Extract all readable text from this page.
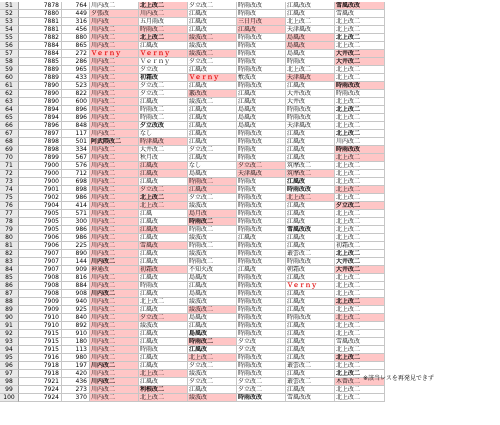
51	7878	764 川内改二	北上改二	夕立改二	時雨改改	江風改改	雪風改改
52	7880	449 夕張改	川内改二	江風改	時雨改	江風改	雪風改
53	7881	316 川内改	五月雨改	江風改	三日月改	北上改二	北上改二
54	7881	456 川内改二	時雨改二	江風改	江風改	天津風改	北上改二
55	7882	880 川内改二	北上改二	綾波改二	時雨改改	島風改	北上改二
56	7884	865 川内改二	江風改	綾波改	時雨改	島風改	北上改二
57	7884	272 Ｖｅｒｎｙ	Ｖｅｒｎｙ	綾波改二	時雨改	島風改	大井改二
58	7885	286 川内改二	Ｖｅｒｎｙ	夕立改二	時雨改	時雨改	大井改二
59	7889	965 川内改二	夕立改	江風改	時雨改改	北上改二	北上改二
60	7889	433 川内改二	初霜改	Ｖｅｒｎｙ	敷波改	天津風改	北上改二
61	7890	523 川内改二	夕立改二	江風改	時雨改改	江風改	時雨改改
62	7890	822 川内改二	夕立改二	霰改改	江風改	大井改改	時雨改改
63	7890	600 川内改二	江風改	綾波改二	江風改	大井改	北上改二
64	7894	896 川内改二	時雨改二	江風改	島風改	時雨改改	北上改二
65	7894	896 川内改二	時雨改二	江風改	島風改	時雨改改	北上改二
66	7896	848 川内改二	夕立改改	江風改	島風改	天津風改	北上改二
67	7897	117 川内改二	なし	江風改	時雨改改	江風改	北上改二
68	7898	501 阿武隈改二	時津風改	江風改	時雨改改	江風改	川内改二
69	7898	334 川内改二	大井改二	夕立改二	時雨改	江風改	時雨改改
70	7899	567 川内改二	秋月改	江風改	時雨改	江風改	北上改二
71	7900	576 川内改二	江風改	なし	夕立改二	筑摩改二	北上改二
72	7900	712 川内改二	江風改	島風改	天津風改	筑摩改二	北上改二
73	7900	698 川内改二	江風改	時雨改二	時雨改	江風改	北上改二
74	7901	898 川内改二	夕立改二	江風改	時雨改	時雨改改	北上改二
75	7902	986 川内改二	北上改二	夕立改二	時雨改改	北上改二	北上改二
76	7904	414 川内改二	北上改二	綾波改	時雨改改	江風改	夕立改二
77	7905	571 川内改二	江風	島月改	時雨改改	江風改	北上改二
78	7905	300 川内改二	江風改	時雨改二	時雨改改	江風改	北上改二
79	7905	986 川内改二	江風改	時雨改二	時雨改改	雪風改改	北上改二
80	7906	986 川内改二	江風改	綾波改	江風改	江風改	北上改二
81	7906	225 川内改二	雪風改	時雨改二	時雨改改	江風改	初霜改二
82	7907	890 川内改二	江風改	綾波改	時雨改改	叢雲改二	北上改二
83	7907	144 川内改二	江風改	時雨改二	時雨改改	時雨改改	大井改二
84	7907	909 神通改	初霜改	不知火改	江風改	朝霜改	大井改二
85	7908	816 川内改二	江風改	島風改	時雨改改	江風改	北上改二
86	7908	884 川内改二	時雨改	江風改	時雨改改	Ｖｅｒｎｙ	北上改二
87	7908	908 川内改二	江風改	島風改	時雨改改	江風改	北上改二
88	7909	940 川内改二	北上改二	綾波改	時雨改改	江風改	北上改二
89	7909	925 川内改二	江風改	綾波改二	時雨改改	江風改	北上改二
90	7910	840 川内改二	夕立改二	島風改	時雨改改	時雨改改	北上改二
91	7910	892 川内改二	綾波改	江風改	時雨改改	江風改	北上改二
92	7915	910 川内改二	江風改	島風改	時雨改改	江風改	北上改二
93	7915	180 川内改二	江風改	時雨改二	夕立改	江風改	雪風改改
94	7915	113 川内改二	時雨改	江風改	夕立改	江風改	北上改二
95	7916	980 川内改二	江風改	北上改二	時雨改改	江風改	北上改二
96	7918	197 川内改二	江風改	夕立改二	時雨改改	叢雲改二	北上改二
97	7918	420 川内改二	北上改二	綾波改	時雨改改	江風改	北上改二
98	7921	436 川内改二	江風改	夕立改二	夕立改二	叢雲改二	木曾改二
99	7924	273 川内改二	利根改二	江風改	夕立改二	江風改	北上改二
100	7924	370 川内改二	北上改二	綾波改	時雨改改	雪風改改	北上改二
※該当レスを再発見できず
